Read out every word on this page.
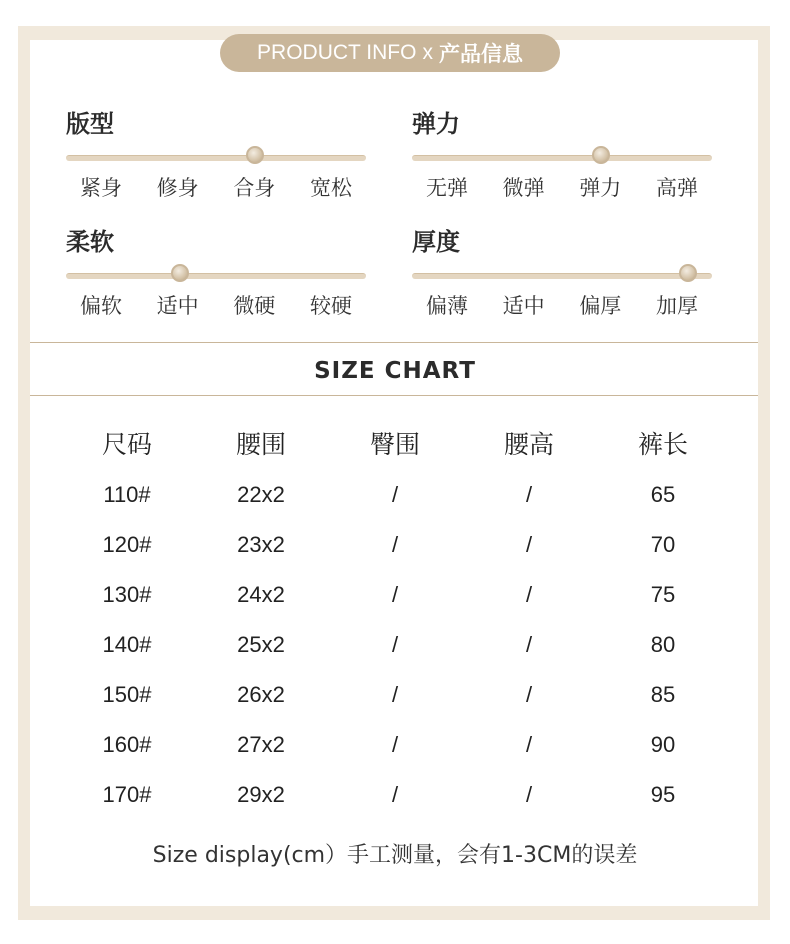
PRODUCT INFO x 产品信息
版型
紧身	修身	合身	宽松
弹力
无弹	微弹	弹力	高弹
柔软
偏软	适中	微硬	较硬
厚度
偏薄	适中	偏厚	加厚
SIZE CHART
尺码	腰围	臀围	腰高	裤长
110#	22x2	/	/	65
120#	23x2	/	/	70
130#	24x2	/	/	75
140#	25x2	/	/	80
150#	26x2	/	/	85
160#	27x2	/	/	90
170#	29x2	/	/	95
Size display(cm）手工测量，会有1-3CM的误差
